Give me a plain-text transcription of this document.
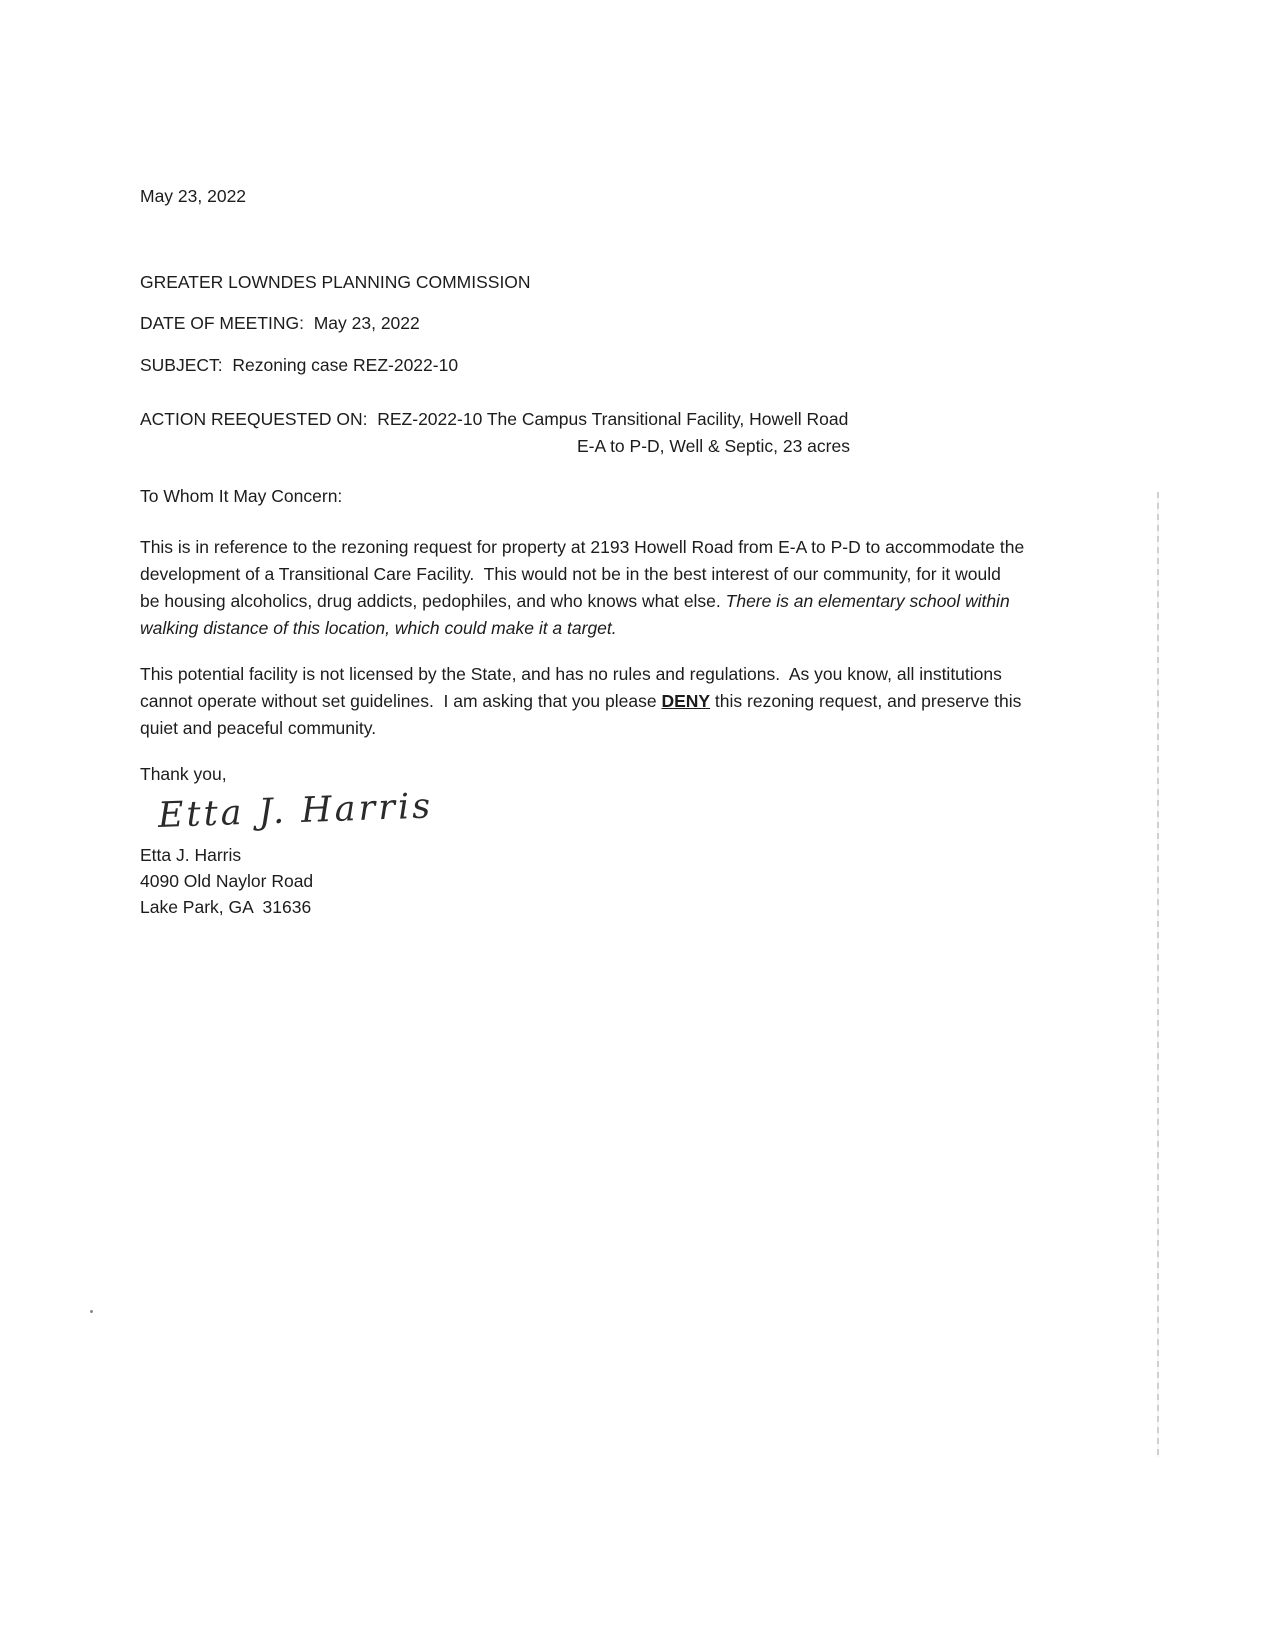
May 23, 2022

GREATER LOWNDES PLANNING COMMISSION

DATE OF MEETING:  May 23, 2022

SUBJECT:  Rezoning case REZ-2022-10

ACTION REEQUESTED ON:  REZ-2022-10 The Campus Transitional Facility, Howell Road

E-A to P-D, Well & Septic, 23 acres

To Whom It May Concern:

This is in reference to the rezoning request for property at 2193 Howell Road from E-A to P-D to accommodate the development of a Transitional Care Facility.  This would not be in the best interest of our community, for it would be housing alcoholics, drug addicts, pedophiles, and who knows what else. There is an elementary school within walking distance of this location, which could make it a target.

This potential facility is not licensed by the State, and has no rules and regulations.  As you know, all institutions cannot operate without set guidelines.  I am asking that you please DENY this rezoning request, and preserve this quiet and peaceful community.

Thank you,

Etta J. Harris

Etta J. Harris

4090 Old Naylor Road

Lake Park, GA  31636
